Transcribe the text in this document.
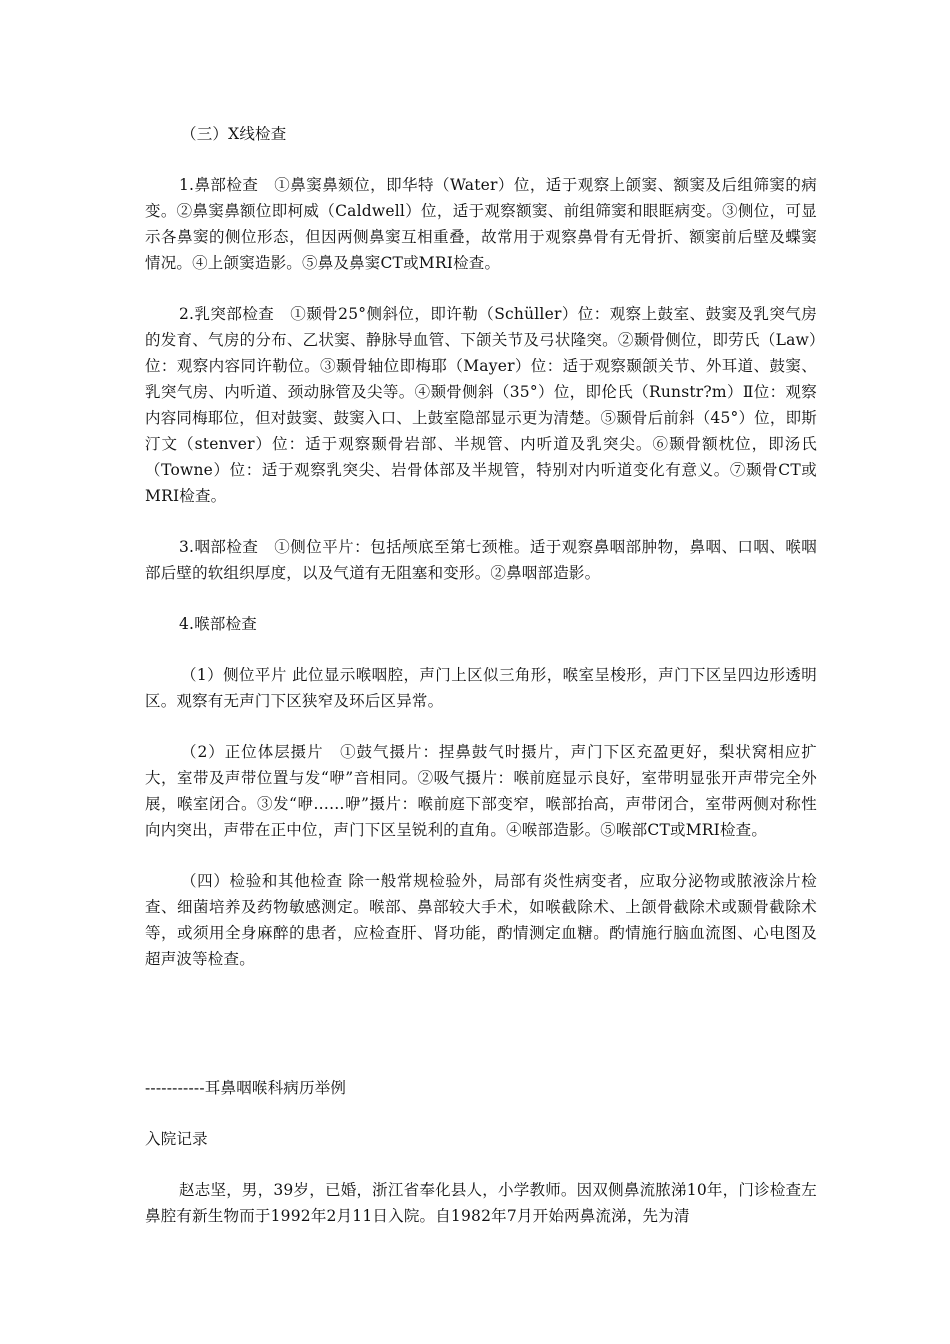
（三）X线检查

1.鼻部检查　①鼻窦鼻颏位，即华特（Water）位，适于观察上颌窦、额窦及后组筛窦的病变。②鼻窦鼻额位即柯威（Caldwell）位，适于观察额窦、前组筛窦和眼眶病变。③侧位，可显示各鼻窦的侧位形态，但因两侧鼻窦互相重叠，故常用于观察鼻骨有无骨折、额窦前后壁及蝶窦情况。④上颌窦造影。⑤鼻及鼻窦CT或MRI检查。

2.乳突部检查　①颞骨25°侧斜位，即许勒（Schüller）位：观察上鼓室、鼓窦及乳突气房的发育、气房的分布、乙状窦、静脉导血管、下颌关节及弓状隆突。②颞骨侧位，即劳氏（Law）位：观察内容同许勒位。③颞骨轴位即梅耶（Mayer）位：适于观察颞颌关节、外耳道、鼓窦、乳突气房、内听道、颈动脉管及尖等。④颞骨侧斜（35°）位，即伦氏（Runstr?m）Ⅱ位：观察内容同梅耶位，但对鼓窦、鼓窦入口、上鼓室隐部显示更为清楚。⑤颞骨后前斜（45°）位，即斯汀文（stenver）位：适于观察颞骨岩部、半规管、内听道及乳突尖。⑥颞骨额枕位，即汤氏（Towne）位：适于观察乳突尖、岩骨体部及半规管，特别对内听道变化有意义。⑦颞骨CT或MRI检查。

3.咽部检查　①侧位平片：包括颅底至第七颈椎。适于观察鼻咽部肿物，鼻咽、口咽、喉咽部后壁的软组织厚度，以及气道有无阻塞和变形。②鼻咽部造影。

4.喉部检查

（1）侧位平片 此位显示喉咽腔，声门上区似三角形，喉室呈梭形，声门下区呈四边形透明区。观察有无声门下区狭窄及环后区异常。

（2）正位体层摄片　①鼓气摄片：捏鼻鼓气时摄片，声门下区充盈更好，梨状窝相应扩大，室带及声带位置与发“咿”音相同。②吸气摄片：喉前庭显示良好，室带明显张开声带完全外展，喉室闭合。③发“咿……咿”摄片：喉前庭下部变窄，喉部抬高，声带闭合，室带两侧对称性向内突出，声带在正中位，声门下区呈锐利的直角。④喉部造影。⑤喉部CT或MRI检查。

（四）检验和其他检查 除一般常规检验外，局部有炎性病变者，应取分泌物或脓液涂片检查、细菌培养及药物敏感测定。喉部、鼻部较大手术，如喉截除术、上颌骨截除术或颞骨截除术等，或须用全身麻醉的患者，应检查肝、肾功能，酌情测定血糖。酌情施行脑血流图、心电图及超声波等检查。

-----------耳鼻咽喉科病历举例

入院记录

赵志坚，男，39岁，已婚，浙江省奉化县人，小学教师。因双侧鼻流脓涕10年，门诊检查左鼻腔有新生物而于1992年2月11日入院。自1982年7月开始两鼻流涕，先为清
